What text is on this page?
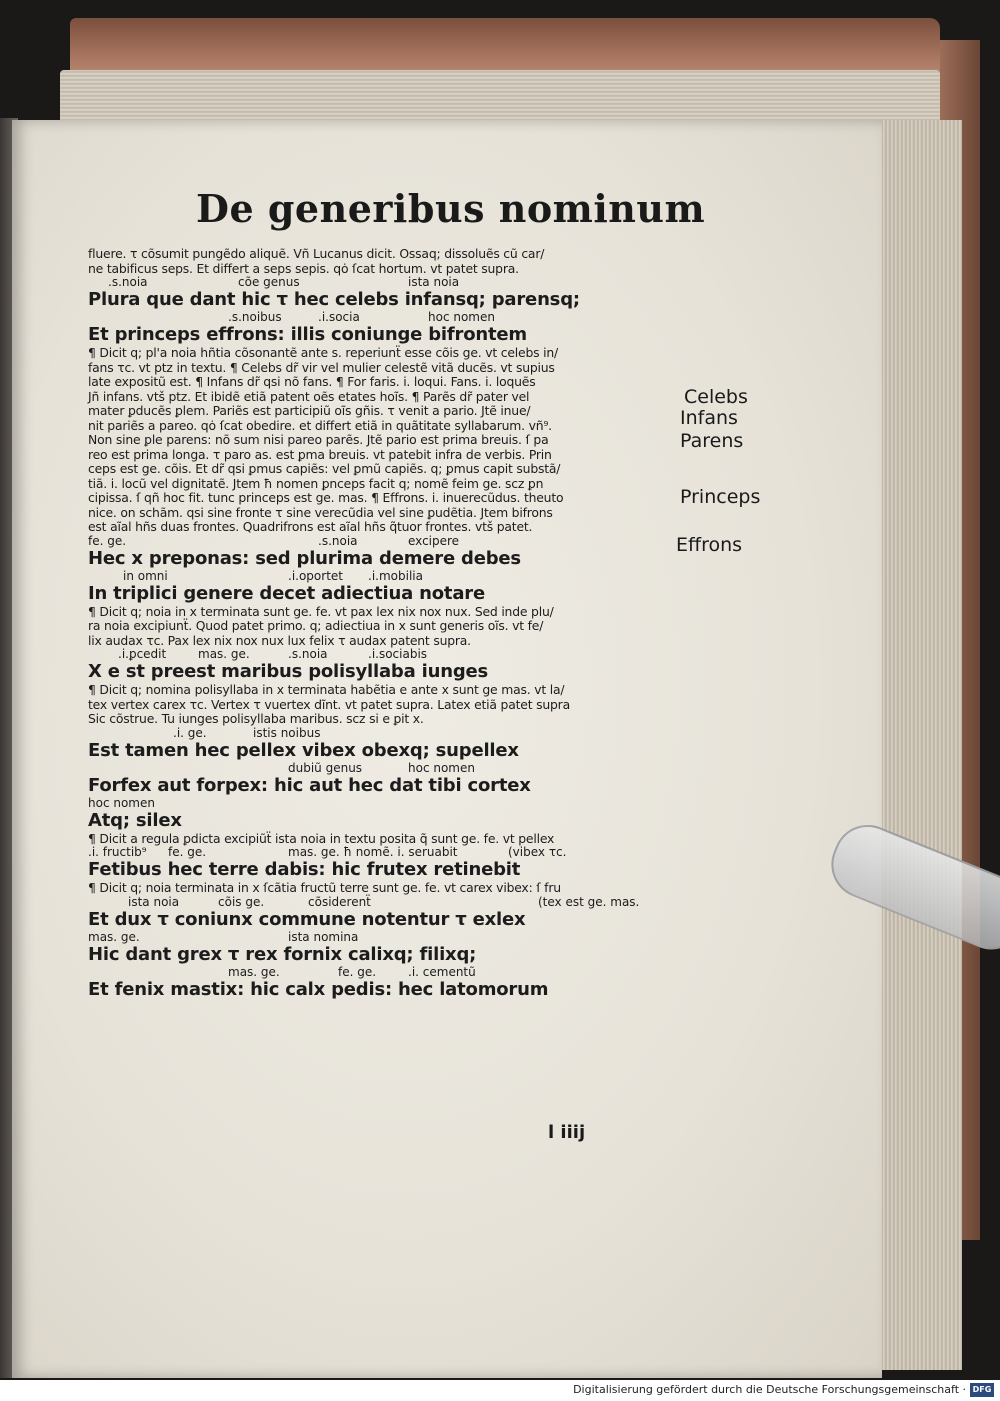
De generibus nominum
fluere. τ cõsumit pungẽdo aliquẽ. Vñ Lucanus dicit. Ossaq; dissoluẽs cũ car/
ne tabificus seps. Et differt a seps sepis. qȯ ſcat hortum. vt patet supra.
.s.noia	cõe genus	ista noia
Plura que dant hic τ hec celebs infansq; parensq;
.s.noibus	.i.socia	hoc nomen
Et princeps effrons: illis coniunge bifrontem
¶ Dicit q; pl'a noia hñtia cõsonantẽ ante s. reperiunẗ esse cõis ge. vt celebs in/
fans τc. vt ptz in textu. ¶ Celebs dr̃ vir vel mulier celestẽ vitã ducẽs. vt supius
late expositũ est. ¶ Infans dr̃ qsi nõ fans. ¶ For faris. i. loqui. Fans. i. loquẽs
Jñ infans. vtš ptz. Et ibidẽ etiã patent oẽs etates hoĩs. ¶ Parẽs dr̃ pater vel
mater ꝑducẽs ꝑlem. Pariẽs est participiũ oĩs gñis. τ venit a pario. Jtẽ inue/
nit pariẽs a pareo. qȯ ſcat obedire. et differt etiã in quãtitate syllabarum. vñ⁹.
Non sine ꝑle parens: nõ sum nisi pareo parẽs. Jtẽ pario est prima breuis. ſ pa
reo est prima longa. τ paro as. est ꝑma breuis. vt patebit infra de verbis. Prin
ceps est ge. cõis. Et dr̃ qsi ꝑmus capiẽs: vel ꝑmũ capiẽs. q; ꝑmus capit substã/
tiã. i. locũ vel dignitatẽ. Jtem ħ nomen ꝑnceps facit q; nomẽ feim ge. scz ꝑn
cipissa. ſ qñ hoc fit. tunc princeps est ge. mas. ¶ Effrons. i. inuerecũdus. theuto
nice. on schãm. qsi sine fronte τ sine verecũdia vel sine ꝑudẽtia. Jtem bifrons
est aĩal hñs duas frontes. Quadrifrons est aĩal hñs q̃tuor frontes. vtš patet.
fe. ge.	.s.noia	excipere
Hec x preponas: sed plurima demere debes
in omni	.i.oportet .i.mobilia
In triplici genere decet adiectiua notare
¶ Dicit q; noia in x terminata sunt ge. fe. vt pax lex nix nox nux. Sed inde plu/
ra noia excipiunẗ. Quod patet primo. q; adiectiua in x sunt generis oĩs. vt fe/
lix audax τc. Pax lex nix nox nux lux felix τ audax patent supra.
.i.ꝑcedit	mas. ge.	.s.noia	.i.sociabis
X e st preest maribus polisyllaba iunges
¶ Dicit q; nomina polisyllaba in x terminata habẽtia e ante x sunt ge mas. vt la/
tex vertex carex τc. Vertex τ vuertex dĩnt. vt patet supra. Latex etiã patet supra
Sic cõstrue. Tu iunges polisyllaba maribus. scz si e ꝑit x.
.i. ge.	istis noibus
Est tamen hec pellex vibex obexq; supellex
dubiũ genus	hoc nomen
Forfex aut forpex: hic aut hec dat tibi cortex
hoc nomen
Atq; silex
¶ Dicit a regula ꝑdicta excipiũẗ ista noia in textu posita q̃ sunt ge. fe. vt pellex
.i. fructib⁹ fe. ge.	mas. ge. ħ nomẽ. i. seruabit	(vibex τc.
Fetibus hec terre dabis: hic frutex retinebit
¶ Dicit q; noia terminata in x ſcãtia fructũ terre sunt ge. fe. vt carex vibex: ſ fru
ista noia	cõis ge.	cõsiderenẗ	(tex est ge. mas.
Et dux τ coniunx commune notentur τ exlex
mas. ge.	ista nomina
Hic dant grex τ rex fornix calixq; filixq;
mas. ge.	fe. ge.	.i. cementũ
Et fenix mastix: hic calx pedis: hec latomorum
Celebs
Infans
Parens
Princeps
Effrons
l iiij
Digitalisierung gefördert durch die Deutsche Forschungsgemeinschaft · DFG
